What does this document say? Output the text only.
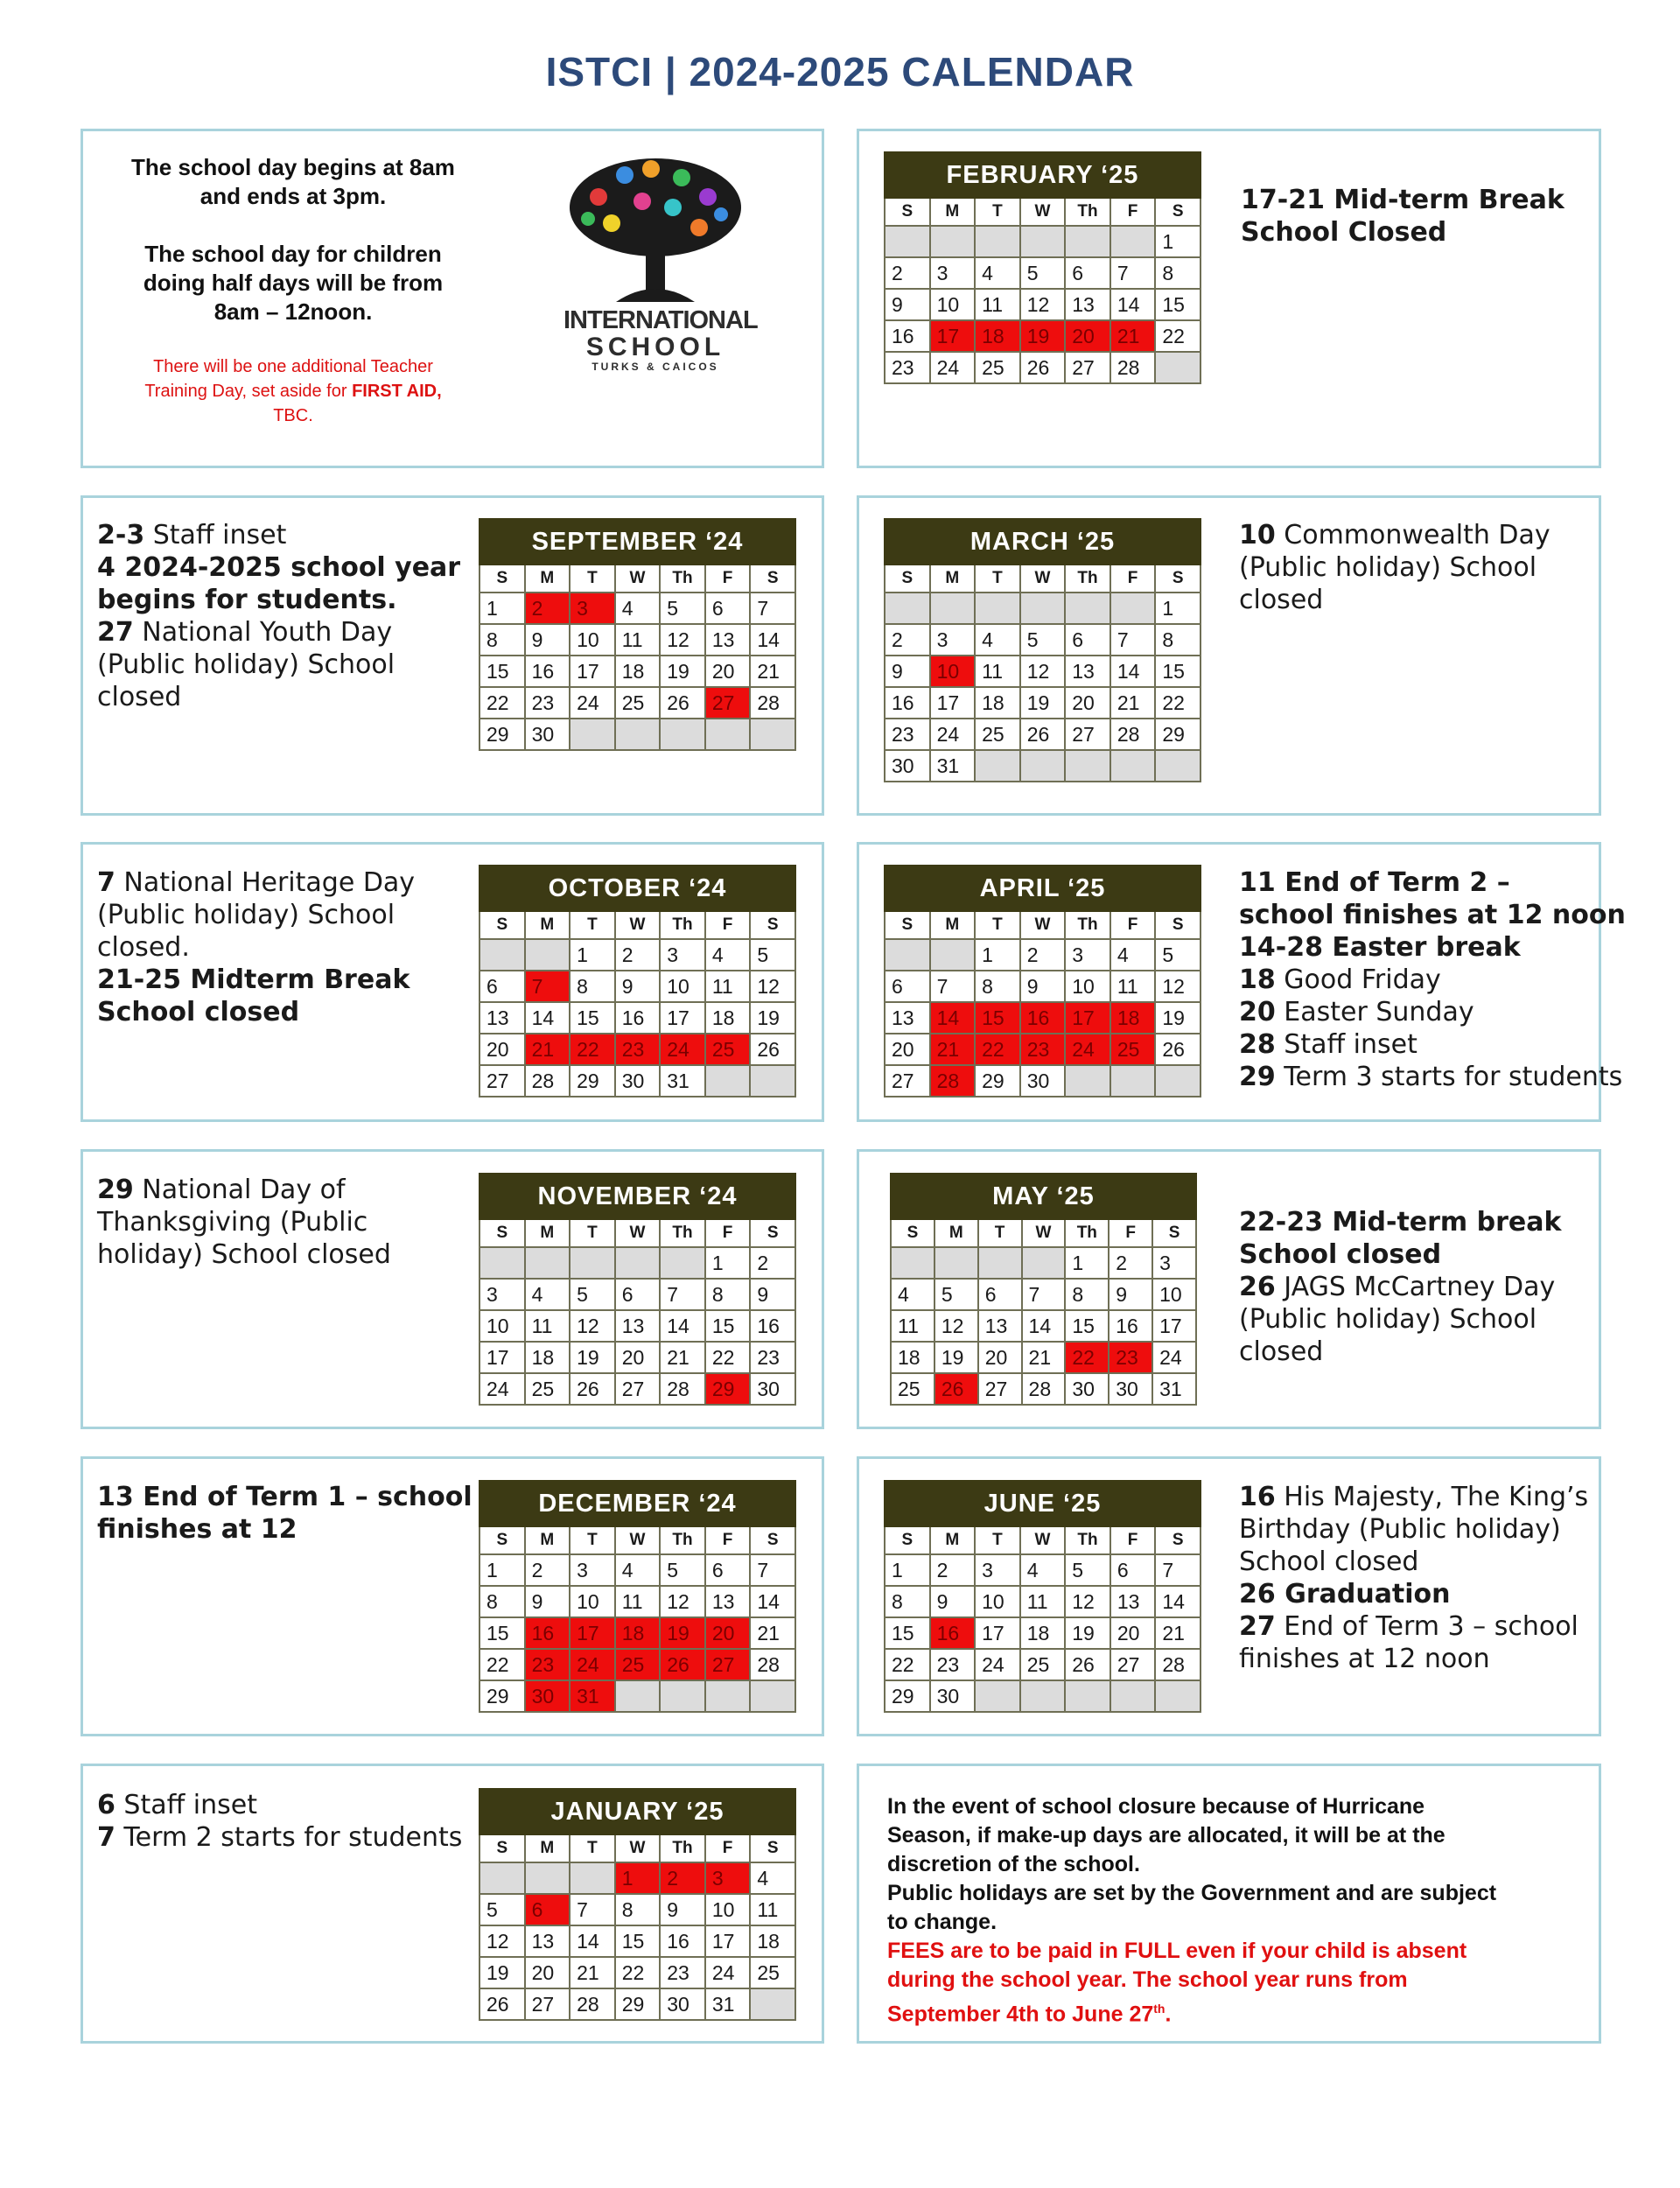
ISTCI | 2024-2025 CALENDAR
The school day begins at 8am
and ends at 3pm.
The school day for children
doing half days will be from
8am – 12noon.
There will be one additional Teacher
Training Day, set aside for FIRST AID,
TBC.
INTERNATIONAL
SCHOOL
TURKS & CAICOS
FEBRUARY ‘25						
S	M	T	W	Th	F	S
						1
2	3	4	5	6	7	8
9	10	11	12	13	14	15
16	17	18	19	20	21	22
23	24	25	26	27	28	
SEPTEMBER ‘24						
S	M	T	W	Th	F	S
1	2	3	4	5	6	7
8	9	10	11	12	13	14
15	16	17	18	19	20	21
22	23	24	25	26	27	28
29	30					
MARCH ‘25						
S	M	T	W	Th	F	S
						1
2	3	4	5	6	7	8
9	10	11	12	13	14	15
16	17	18	19	20	21	22
23	24	25	26	27	28	29
30	31					
OCTOBER ‘24						
S	M	T	W	Th	F	S
		1	2	3	4	5
6	7	8	9	10	11	12
13	14	15	16	17	18	19
20	21	22	23	24	25	26
27	28	29	30	31		
APRIL ‘25						
S	M	T	W	Th	F	S
		1	2	3	4	5
6	7	8	9	10	11	12
13	14	15	16	17	18	19
20	21	22	23	24	25	26
27	28	29	30			
NOVEMBER ‘24						
S	M	T	W	Th	F	S
					1	2
3	4	5	6	7	8	9
10	11	12	13	14	15	16
17	18	19	20	21	22	23
24	25	26	27	28	29	30
MAY ‘25						
S	M	T	W	Th	F	S
				1	2	3
4	5	6	7	8	9	10
11	12	13	14	15	16	17
18	19	20	21	22	23	24
25	26	27	28	30	30	31
DECEMBER ‘24						
S	M	T	W	Th	F	S
1	2	3	4	5	6	7
8	9	10	11	12	13	14
15	16	17	18	19	20	21
22	23	24	25	26	27	28
29	30	31				
JUNE ‘25						
S	M	T	W	Th	F	S
1	2	3	4	5	6	7
8	9	10	11	12	13	14
15	16	17	18	19	20	21
22	23	24	25	26	27	28
29	30					
JANUARY ‘25						
S	M	T	W	Th	F	S
			1	2	3	4
5	6	7	8	9	10	11
12	13	14	15	16	17	18
19	20	21	22	23	24	25
26	27	28	29	30	31	
17-21 Mid-term Break
School Closed
2-3 Staff inset
4 2024-2025 school year
begins for students.
27 National Youth Day
(Public holiday) School
closed
10 Commonwealth Day
(Public holiday) School
closed
7 National Heritage Day
(Public holiday) School
closed.
21-25 Midterm Break
School closed
11 End of Term 2 –
school finishes at 12 noon
14-28 Easter break
18 Good Friday
20 Easter Sunday
28 Staff inset
29 Term 3 starts for students
29 National Day of
Thanksgiving (Public
holiday) School closed
22-23 Mid-term break
School closed
26 JAGS McCartney Day
(Public holiday) School
closed
13 End of Term 1 – school
finishes at 12
16 His Majesty, The King’s
Birthday (Public holiday)
School closed
26 Graduation
27 End of Term 3 – school
finishes at 12 noon
6 Staff inset
7 Term 2 starts for students
In the event of school closure because of Hurricane
Season, if make-up days are allocated, it will be at the
discretion of the school.
Public holidays are set by the Government and are subject
to change.
FEES are to be paid in FULL even if your child is absent
during the school year. The school year runs from
September 4th to June 27th.
